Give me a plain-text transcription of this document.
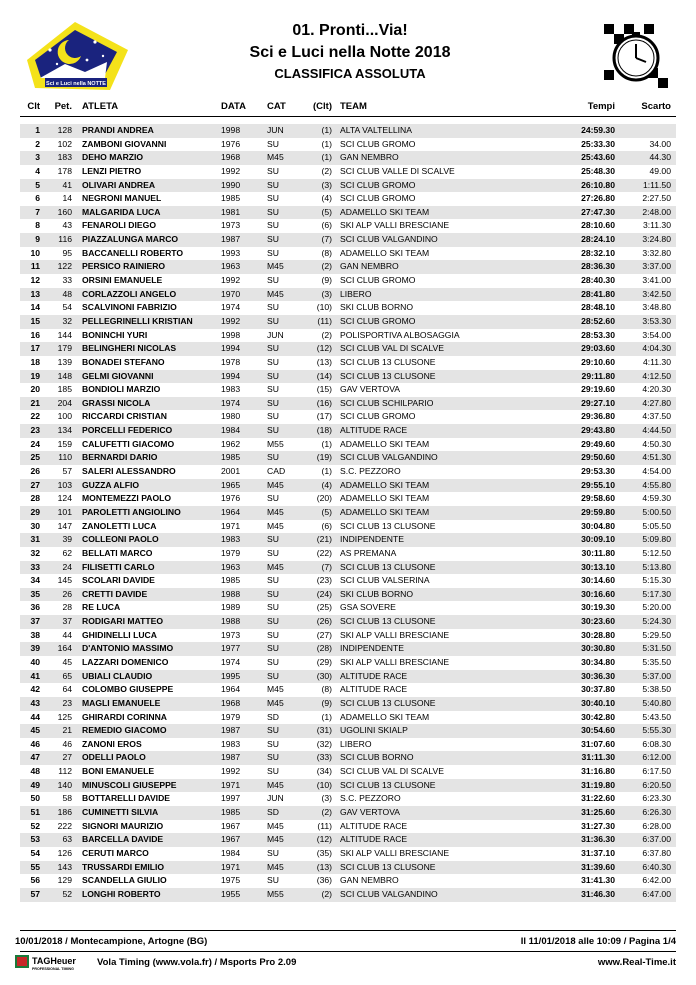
Sci e Luci nella NOTTE
01. Pronti...Via!
Sci e Luci nella Notte 2018
CLASSIFICA ASSOLUTA
Clt	Pet. ATLETA	DATA CAT	(Clt) TEAM	Tempi	Scarto
1	128 PRANDI ANDREA	1998	JUN	(1) ALTA VALTELLINA	24:59.30
2	102 ZAMBONI GIOVANNI	1976	SU	(1) SCI CLUB GROMO	25:33.30	34.00
3	183 DEHO MARZIO	1968	M45	(1) GAN NEMBRO	25:43.60	44.30
4	178 LENZI PIETRO	1992	SU	(2) SCI CLUB VALLE DI SCALVE	25:48.30	49.00
5	41 OLIVARI ANDREA	1990	SU	(3) SCI CLUB GROMO	26:10.80	1:11.50
6	14 NEGRONI MANUEL	1985	SU	(4) SCI CLUB GROMO	27:26.80	2:27.50
7	160 MALGARIDA LUCA	1981	SU	(5) ADAMELLO SKI TEAM	27:47.30	2:48.00
8	43 FENAROLI DIEGO	1973	SU	(6) SKI ALP VALLI BRESCIANE	28:10.60	3:11.30
9	116 PIAZZALUNGA MARCO	1987	SU	(7) SCI CLUB VALGANDINO	28:24.10	3:24.80
10	95 BACCANELLI ROBERTO	1993	SU	(8) ADAMELLO SKI TEAM	28:32.10	3:32.80
11	122 PERSICO RAINIERO	1963	M45	(2) GAN NEMBRO	28:36.30	3:37.00
12	33 ORSINI EMANUELE	1992	SU	(9) SCI CLUB GROMO	28:40.30	3:41.00
13	48 CORLAZZOLI ANGELO	1970	M45	(3) LIBERO	28:41.80	3:42.50
14	54 SCALVINONI FABRIZIO	1974	SU	(10) SKI CLUB BORNO	28:48.10	3:48.80
15	32 PELLEGRINELLI KRISTIAN	1992	SU	(11) SCI CLUB GROMO	28:52.60	3:53.30
16	144 BONINCHI YURI	1998	JUN	(2) POLISPORTIVA ALBOSAGGIA	28:53.30	3:54.00
17	179 BELINGHERI NICOLAS	1994	SU	(12) SCI CLUB VAL DI SCALVE	29:03.60	4:04.30
18	139 BONADEI STEFANO	1978	SU	(13) SCI CLUB 13 CLUSONE	29:10.60	4:11.30
19	148 GELMI GIOVANNI	1994	SU	(14) SCI CLUB 13 CLUSONE	29:11.80	4:12.50
20	185 BONDIOLI MARZIO	1983	SU	(15) GAV VERTOVA	29:19.60	4:20.30
21	204 GRASSI NICOLA	1974	SU	(16) SCI CLUB SCHILPARIO	29:27.10	4:27.80
22	100 RICCARDI CRISTIAN	1980	SU	(17) SCI CLUB GROMO	29:36.80	4:37.50
23	134 PORCELLI FEDERICO	1984	SU	(18) ALTITUDE RACE	29:43.80	4:44.50
24	159 CALUFETTI GIACOMO	1962	M55	(1) ADAMELLO SKI TEAM	29:49.60	4:50.30
25	110 BERNARDI DARIO	1985	SU	(19) SCI CLUB VALGANDINO	29:50.60	4:51.30
26	57 SALERI ALESSANDRO	2001	CAD	(1) S.C. PEZZORO	29:53.30	4:54.00
27	103 GUZZA ALFIO	1965	M45	(4) ADAMELLO SKI TEAM	29:55.10	4:55.80
28	124 MONTEMEZZI PAOLO	1976	SU	(20) ADAMELLO SKI TEAM	29:58.60	4:59.30
29	101 PAROLETTI ANGIOLINO	1964	M45	(5) ADAMELLO SKI TEAM	29:59.80	5:00.50
30	147 ZANOLETTI LUCA	1971	M45	(6) SCI CLUB 13 CLUSONE	30:04.80	5:05.50
31	39 COLLEONI PAOLO	1983	SU	(21) INDIPENDENTE	30:09.10	5:09.80
32	62 BELLATI MARCO	1979	SU	(22) AS PREMANA	30:11.80	5:12.50
33	24 FILISETTI CARLO	1963	M45	(7) SCI CLUB 13 CLUSONE	30:13.10	5:13.80
34	145 SCOLARI DAVIDE	1985	SU	(23) SCI CLUB VALSERINA	30:14.60	5:15.30
35	26 CRETTI DAVIDE	1988	SU	(24) SKI CLUB BORNO	30:16.60	5:17.30
36	28 RE LUCA	1989	SU	(25) GSA SOVERE	30:19.30	5:20.00
37	37 RODIGARI MATTEO	1988	SU	(26) SCI CLUB 13 CLUSONE	30:23.60	5:24.30
38	44 GHIDINELLI LUCA	1973	SU	(27) SKI ALP VALLI BRESCIANE	30:28.80	5:29.50
39	164 D'ANTONIO MASSIMO	1977	SU	(28) INDIPENDENTE	30:30.80	5:31.50
40	45 LAZZARI DOMENICO	1974	SU	(29) SKI ALP VALLI BRESCIANE	30:34.80	5:35.50
41	65 UBIALI CLAUDIO	1995	SU	(30) ALTITUDE RACE	30:36.30	5:37.00
42	64 COLOMBO GIUSEPPE	1964	M45	(8) ALTITUDE RACE	30:37.80	5:38.50
43	23 MAGLI EMANUELE	1968	M45	(9) SCI CLUB 13 CLUSONE	30:40.10	5:40.80
44	125 GHIRARDI CORINNA	1979	SD	(1) ADAMELLO SKI TEAM	30:42.80	5:43.50
45	21 REMEDIO GIACOMO	1987	SU	(31) UGOLINI SKIALP	30:54.60	5:55.30
46	46 ZANONI EROS	1983	SU	(32) LIBERO	31:07.60	6:08.30
47	27 ODELLI PAOLO	1987	SU	(33) SCI CLUB BORNO	31:11.30	6:12.00
48	112 BONI EMANUELE	1992	SU	(34) SCI CLUB VAL DI SCALVE	31:16.80	6:17.50
49	140 MINUSCOLI GIUSEPPE	1971	M45	(10) SCI CLUB 13 CLUSONE	31:19.80	6:20.50
50	58 BOTTARELLI DAVIDE	1997	JUN	(3) S.C. PEZZORO	31:22.60	6:23.30
51	186 CUMINETTI SILVIA	1985	SD	(2) GAV VERTOVA	31:25.60	6:26.30
52	222 SIGNORI MAURIZIO	1967	M45	(11) ALTITUDE RACE	31:27.30	6:28.00
53	63 BARCELLA DAVIDE	1967	M45	(12) ALTITUDE RACE	31:36.30	6:37.00
54	126 CERUTI MARCO	1984	SU	(35) SKI ALP VALLI BRESCIANE	31:37.10	6:37.80
55	143 TRUSSARDI EMILIO	1971	M45	(13) SCI CLUB 13 CLUSONE	31:39.60	6:40.30
56	129 SCANDELLA GIULIO	1975	SU	(36) GAN NEMBRO	31:41.30	6:42.00
57	52 LONGHI ROBERTO	1955	M55	(2) SCI CLUB VALGANDINO	31:46.30	6:47.00
10/01/2018 / Montecampione, Artogne (BG)	Il 11/01/2018 alle 10:09 / Pagina 1/4
TAGHeuer
PROFESSIONAL TIMING
Vola Timing (www.vola.fr) / Msports Pro 2.09	www.Real-Time.it
